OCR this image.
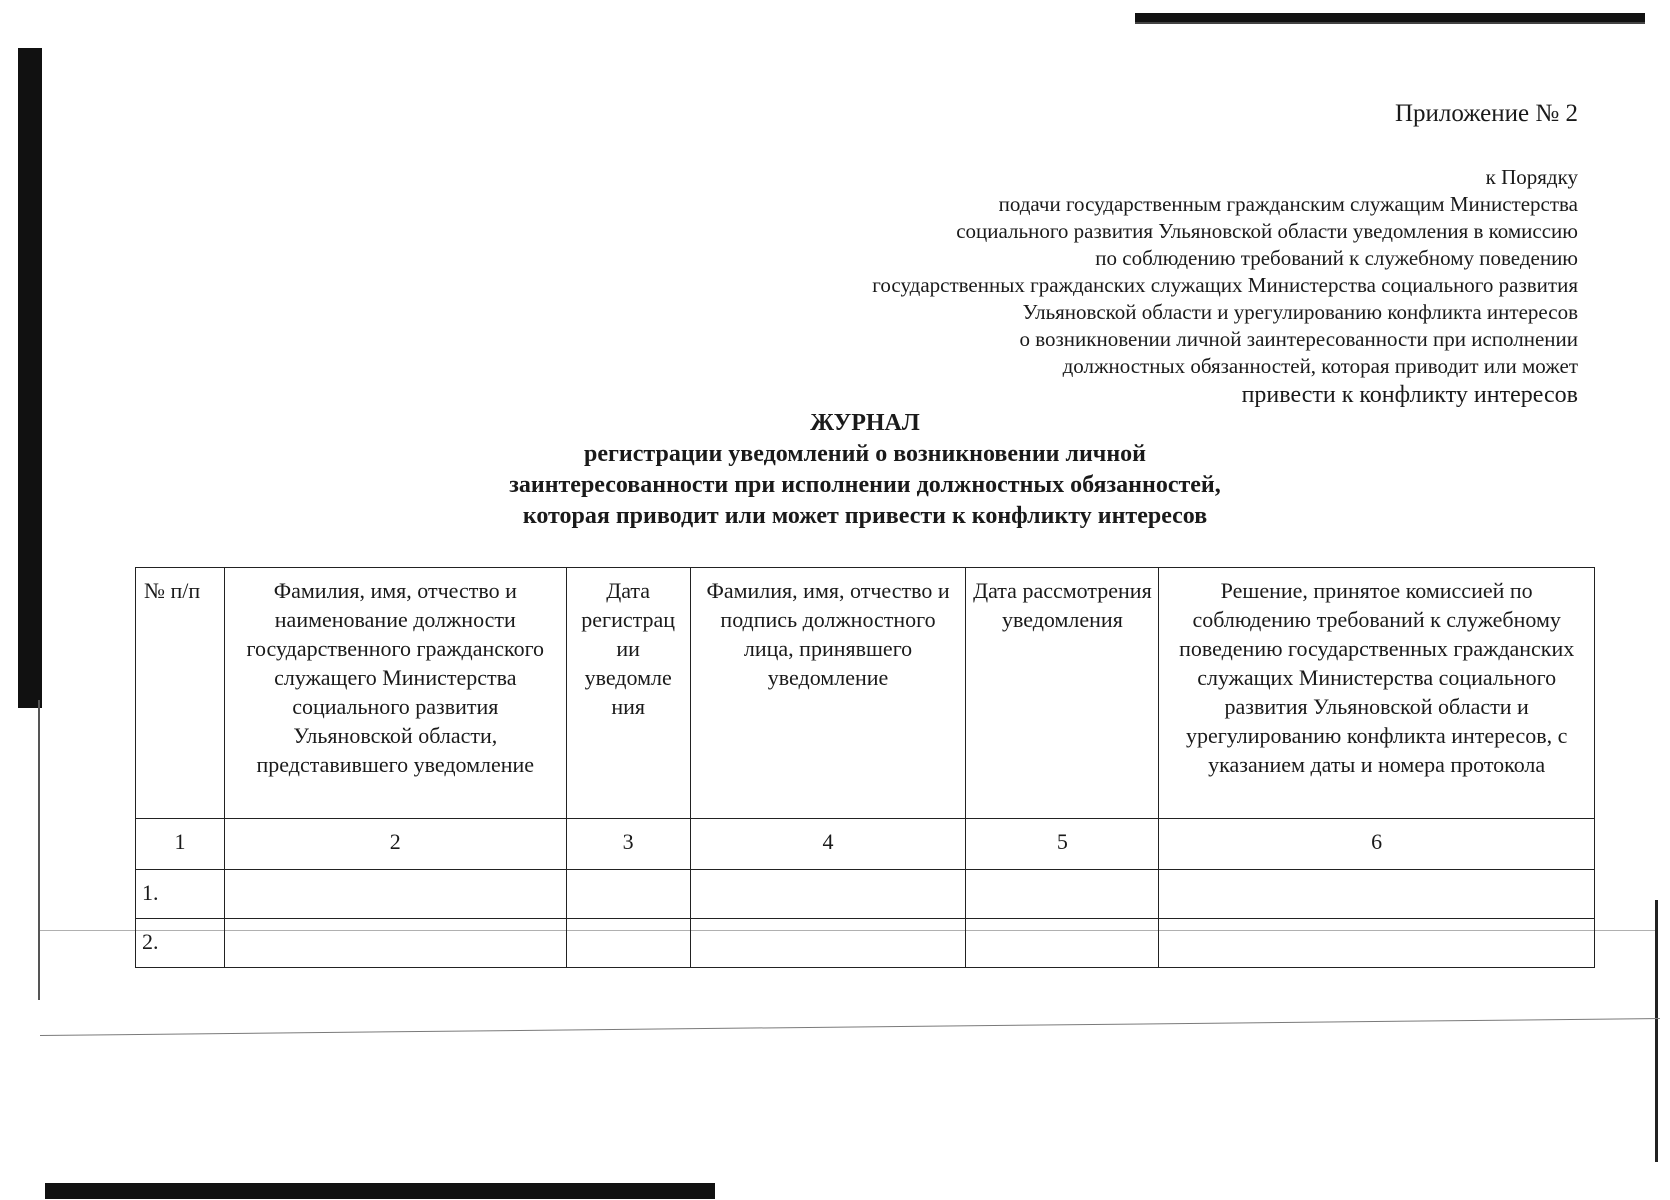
Приложение № 2
к Порядку
подачи государственным гражданским служащим Министерства
социального развития Ульяновской области уведомления в комиссию
по соблюдению требований к служебному поведению
государственных гражданских служащих Министерства социального развития
Ульяновской области и урегулированию конфликта интересов
о возникновении личной заинтересованности при исполнении
должностных обязанностей, которая приводит или может
привести к конфликту интересов
ЖУРНАЛ
регистрации уведомлений о возникновении личной
заинтересованности при исполнении должностных обязанностей,
которая приводит или может привести к конфликту интересов
№ п/п	Фамилия, имя, отчество и наименование должности государственного гражданского служащего Министерства социального развития Ульяновской области, представившего уведомление	Дата регистрац ии уведомле ния	Фамилия, имя, отчество и подпись должностного лица, принявшего уведомление	Дата рассмотрения уведомления	Решение, принятое комиссией по соблюдению требований к служебному поведению государственных гражданских служащих Министерства социального развития Ульяновской области и урегулированию конфликта интересов, с указанием даты и номера протокола
1	2	3	4	5	6
1.					
2.					
